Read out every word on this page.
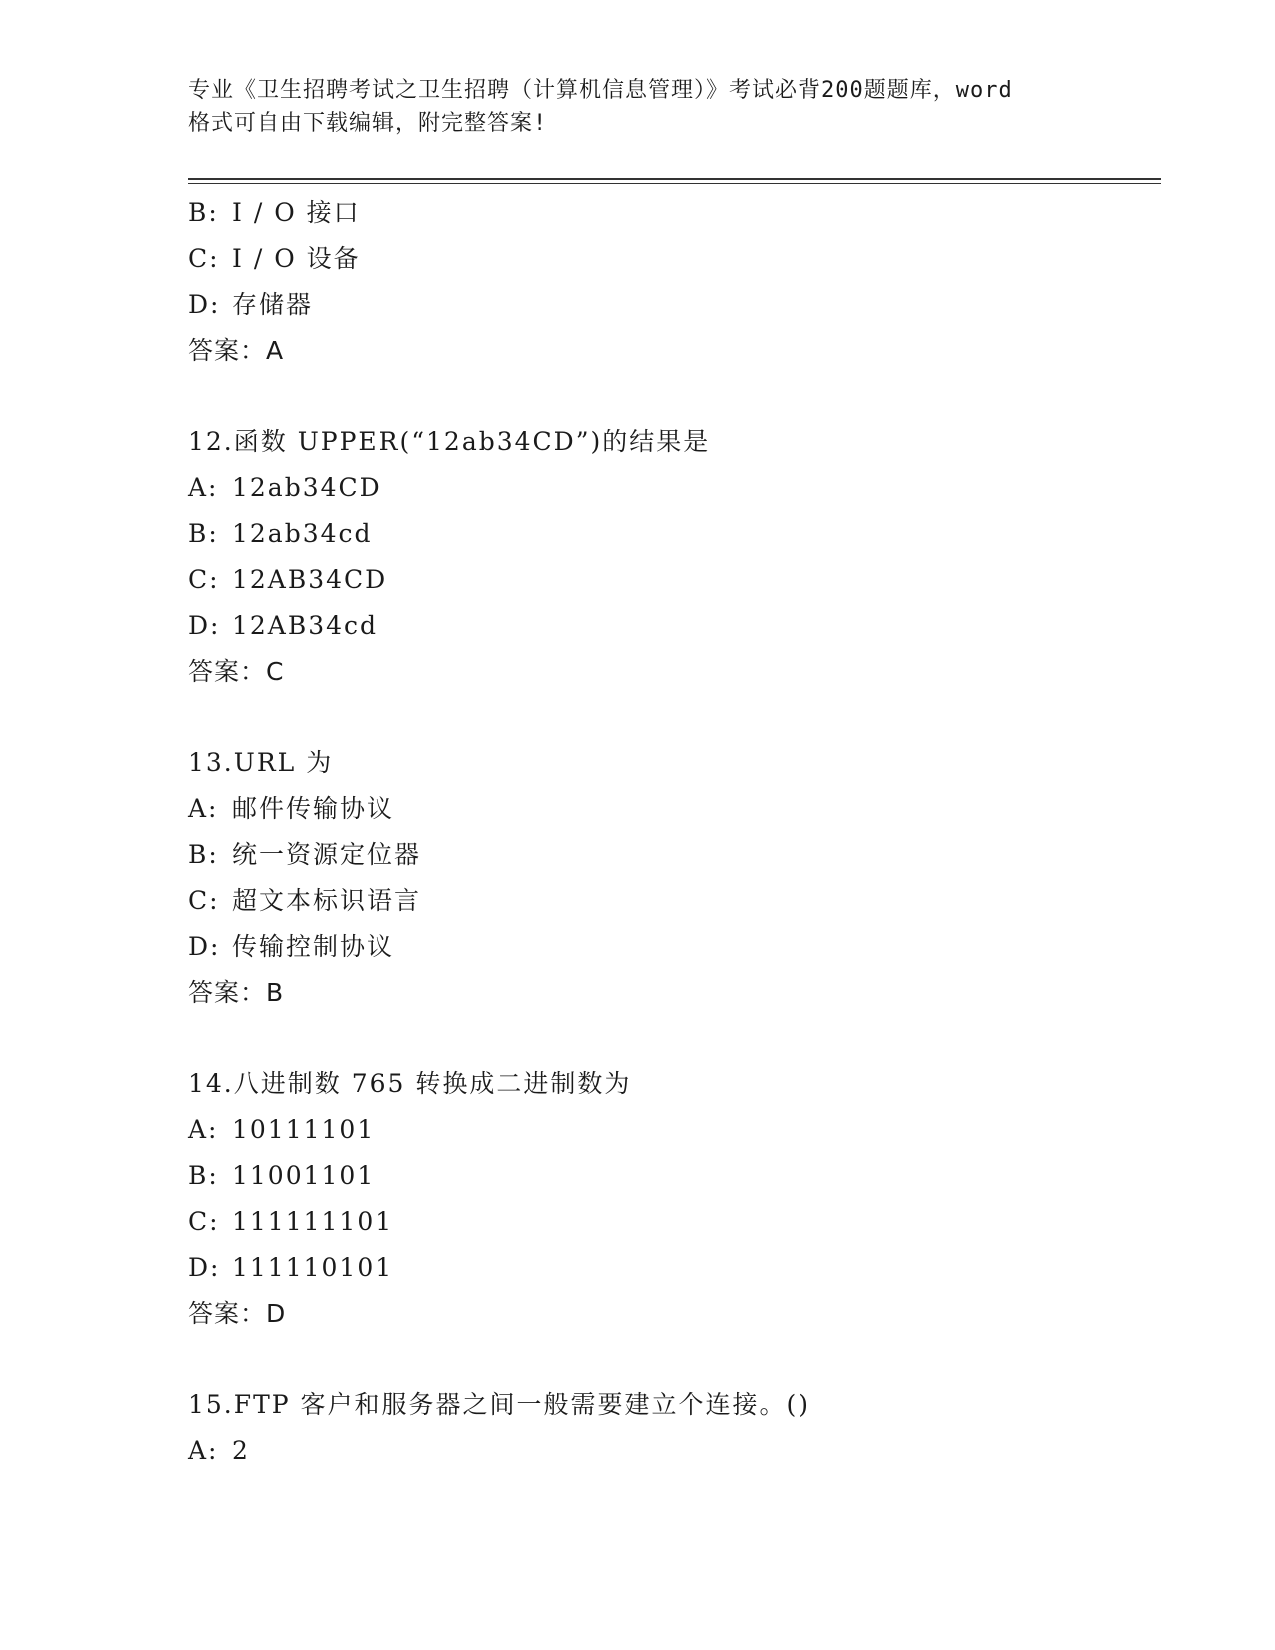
专业《卫生招聘考试之卫生招聘（计算机信息管理）》考试必背200题题库，word
格式可自由下载编辑，附完整答案!
B: I / O 接口
C: I / O 设备
D: 存储器
答案：A
12.函数 UPPER(“12ab34CD”)的结果是
A: 12ab34CD
B: 12ab34cd
C: 12AB34CD
D: 12AB34cd
答案：C
13.URL 为
A: 邮件传输协议
B: 统一资源定位器
C: 超文本标识语言
D: 传输控制协议
答案：B
14.八进制数 765 转换成二进制数为
A: 10111101
B: 11001101
C: 111111101
D: 111110101
答案：D
15.FTP 客户和服务器之间一般需要建立个连接。()
A: 2
